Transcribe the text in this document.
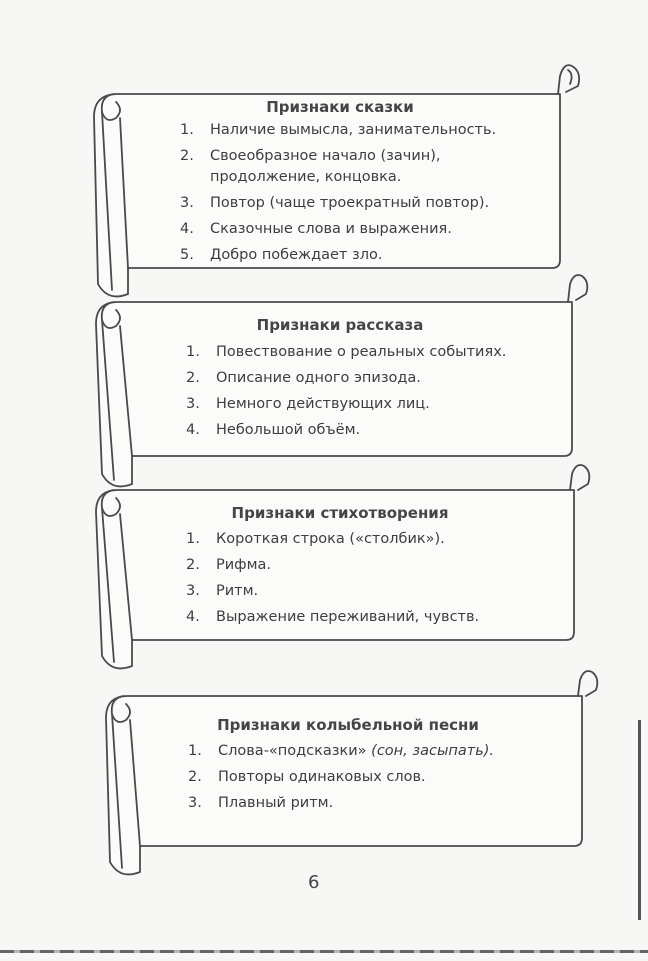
Признаки сказки
1.	Наличие вымысла, занимательность.
2.	Своеобразное начало (зачин),
продолжение, концовка.
3.	Повтор (чаще троекратный повтор).
4.	Сказочные слова и выражения.
5.	Добро побеждает зло.
Признаки рассказа
1.	Повествование о реальных событиях.
2.	Описание одного эпизода.
3.	Немного действующих лиц.
4.	Небольшой объём.
Признаки стихотворения
1.	Короткая строка («столбик»).
2.	Рифма.
3.	Ритм.
4.	Выражение переживаний, чувств.
Признаки колыбельной песни
1.	Слова-«подсказки» (сон, засыпать).
2.	Повторы одинаковых слов.
3.	Плавный ритм.
6
